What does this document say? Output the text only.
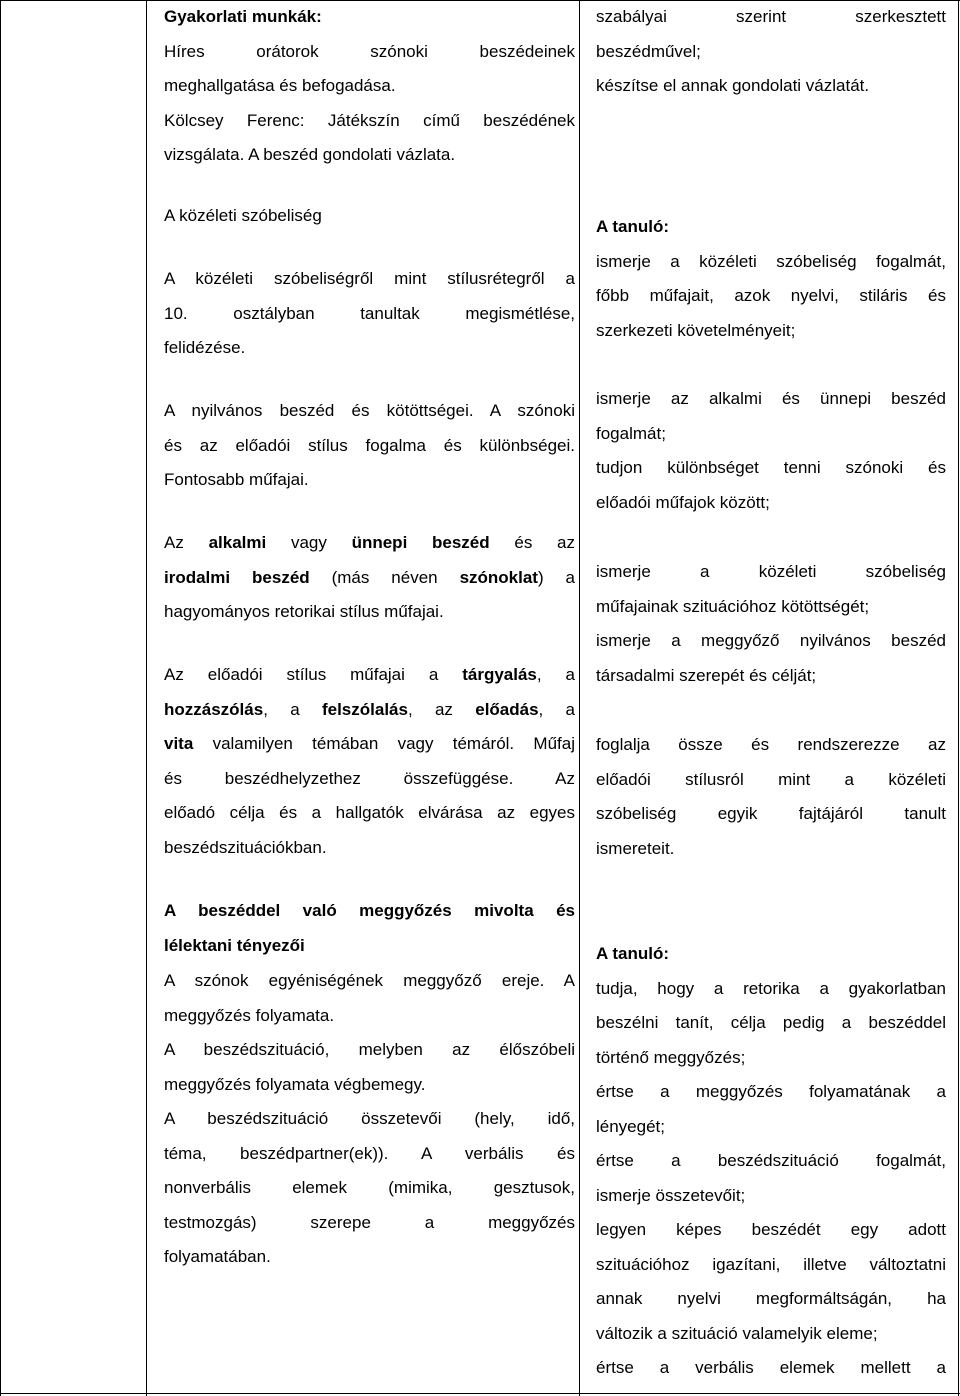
Gyakorlati munkák:
Híres orátorok szónoki beszédeinek
meghallgatása és befogadása.
Kölcsey Ferenc: Játékszín című beszédének
vizsgálata. A beszéd gondolati vázlata.
A közéleti szóbeliség
A közéleti szóbeliségről mint stílusrétegről a
10. osztályban tanultak megismétlése,
felidézése.
A nyilvános beszéd és kötöttségei. A szónoki
és az előadói stílus fogalma és különbségei.
Fontosabb műfajai.
Az alkalmi vagy ünnepi beszéd és az
irodalmi beszéd (más néven szónoklat) a
hagyományos retorikai stílus műfajai.
Az előadói stílus műfajai a tárgyalás, a
hozzászólás, a felszólalás, az előadás, a
vita valamilyen témában vagy témáról. Műfaj
és beszédhelyzethez összefüggése. Az
előadó célja és a hallgatók elvárása az egyes
beszédszituációkban.
A beszéddel való meggyőzés mivolta és
lélektani tényezői
A szónok egyéniségének meggyőző ereje. A
meggyőzés folyamata.
A beszédszituáció, melyben az élőszóbeli
meggyőzés folyamata végbemegy.
A beszédszituáció összetevői (hely, idő,
téma, beszédpartner(ek)). A verbális és
nonverbális elemek (mimika, gesztusok,
testmozgás) szerepe a meggyőzés
folyamatában.
szabályai szerint szerkesztett
beszédművel;
készítse el annak gondolati vázlatát.
A tanuló:
ismerje a közéleti szóbeliség fogalmát,
főbb műfajait, azok nyelvi, stiláris és
szerkezeti követelményeit;
ismerje az alkalmi és ünnepi beszéd
fogalmát;
tudjon különbséget tenni szónoki és
előadói műfajok között;
ismerje a közéleti szóbeliség
műfajainak szituációhoz kötöttségét;
ismerje a meggyőző nyilvános beszéd
társadalmi szerepét és célját;
foglalja össze és rendszerezze az
előadói stílusról mint a közéleti
szóbeliség egyik fajtájáról tanult
ismereteit.
A tanuló:
tudja, hogy a retorika a gyakorlatban
beszélni tanít, célja pedig a beszéddel
történő meggyőzés;
értse a meggyőzés folyamatának a
lényegét;
értse a beszédszituáció fogalmát,
ismerje összetevőit;
legyen képes beszédét egy adott
szituációhoz igazítani, illetve változtatni
annak nyelvi megformáltságán, ha
változik a szituáció valamelyik eleme;
értse a verbális elemek mellett a
